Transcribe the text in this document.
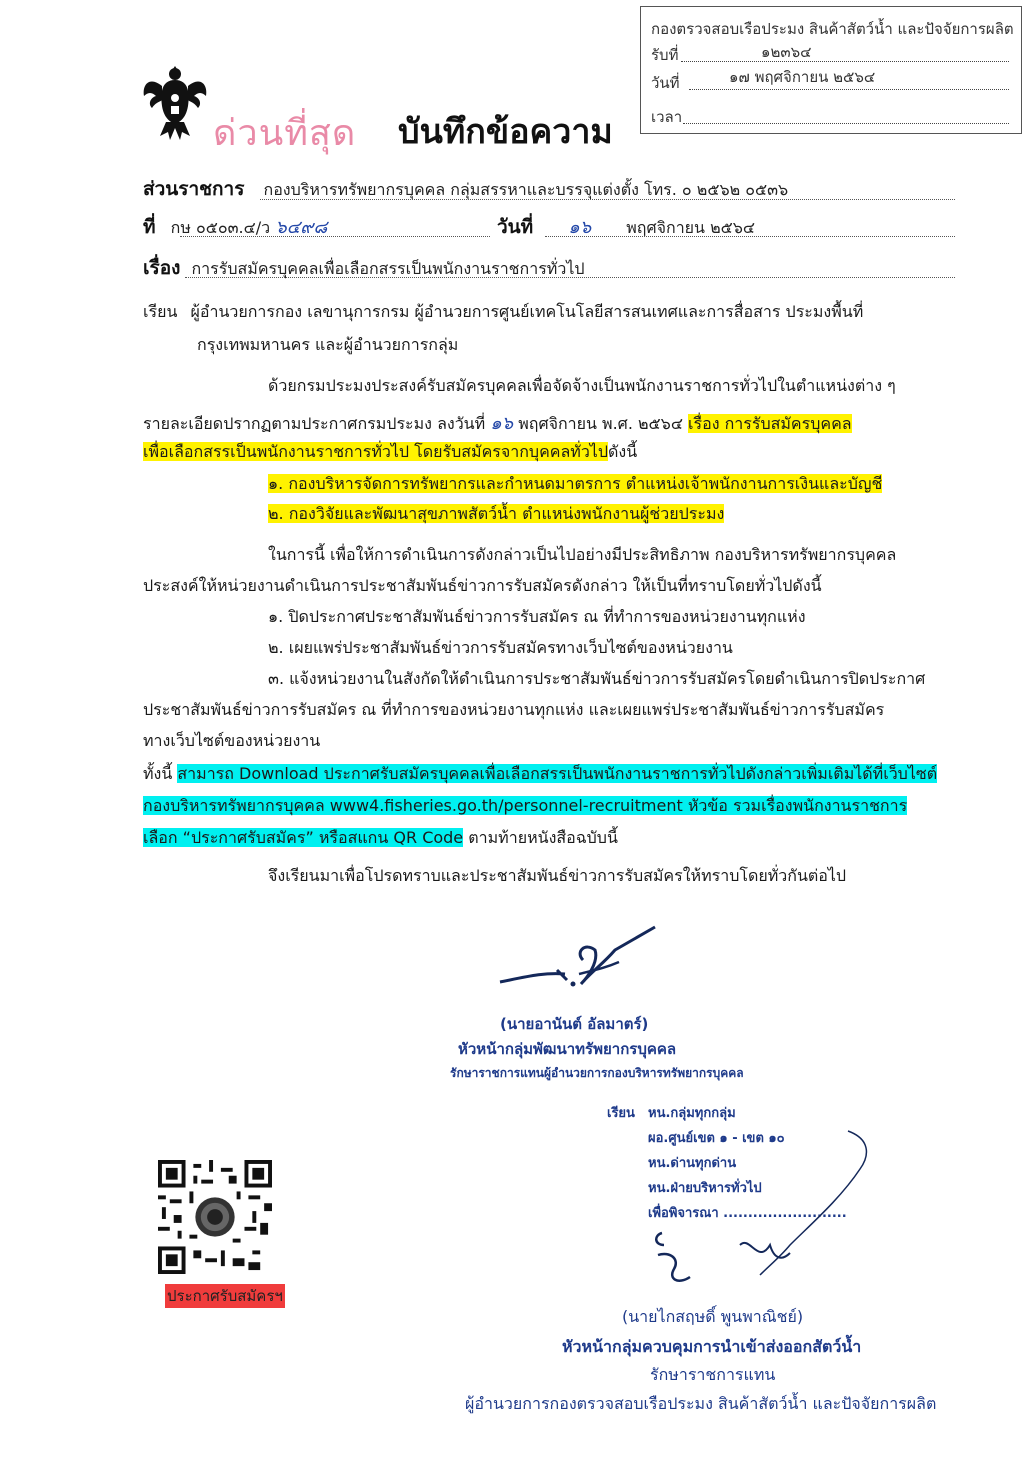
กองตรวจสอบเรือประมง สินค้าสัตว์น้ำ และปัจจัยการผลิต
รับที่	๑๒๓๖๔
วันที่	๑๗ พฤศจิกายน ๒๕๖๔
เวลา
ด่วนที่สุด บันทึกข้อความ
ส่วนราชการ กองบริหารทรัพยากรบุคคล กลุ่มสรรหาและบรรจุแต่งตั้ง โทร. ๐ ๒๕๖๒ ๐๕๓๖
ที่ กษ ๐๕๐๓.๔/ว ๖๔๙๘	วันที่ ๑๖ พฤศจิกายน ๒๕๖๔
เรื่อง การรับสมัครบุคคลเพื่อเลือกสรรเป็นพนักงานราชการทั่วไป
เรียน ผู้อำนวยการกอง เลขานุการกรม ผู้อำนวยการศูนย์เทคโนโลยีสารสนเทศและการสื่อสาร ประมงพื้นที่
กรุงเทพมหานคร และผู้อำนวยการกลุ่ม
ด้วยกรมประมงประสงค์รับสมัครบุคคลเพื่อจัดจ้างเป็นพนักงานราชการทั่วไปในตำแหน่งต่าง ๆ
รายละเอียดปรากฏตามประกาศกรมประมง ลงวันที่ ๑๖ พฤศจิกายน พ.ศ. ๒๕๖๔ เรื่อง การรับสมัครบุคคล
เพื่อเลือกสรรเป็นพนักงานราชการทั่วไป โดยรับสมัครจากบุคคลทั่วไปดังนี้
๑. กองบริหารจัดการทรัพยากรและกำหนดมาตรการ ตำแหน่งเจ้าพนักงานการเงินและบัญชี
๒. กองวิจัยและพัฒนาสุขภาพสัตว์น้ำ ตำแหน่งพนักงานผู้ช่วยประมง
ในการนี้ เพื่อให้การดำเนินการดังกล่าวเป็นไปอย่างมีประสิทธิภาพ กองบริหารทรัพยากรบุคคล
ประสงค์ให้หน่วยงานดำเนินการประชาสัมพันธ์ข่าวการรับสมัครดังกล่าว ให้เป็นที่ทราบโดยทั่วไปดังนี้
๑. ปิดประกาศประชาสัมพันธ์ข่าวการรับสมัคร ณ ที่ทำการของหน่วยงานทุกแห่ง
๒. เผยแพร่ประชาสัมพันธ์ข่าวการรับสมัครทางเว็บไซต์ของหน่วยงาน
๓. แจ้งหน่วยงานในสังกัดให้ดำเนินการประชาสัมพันธ์ข่าวการรับสมัครโดยดำเนินการปิดประกาศ
ประชาสัมพันธ์ข่าวการรับสมัคร ณ ที่ทำการของหน่วยงานทุกแห่ง และเผยแพร่ประชาสัมพันธ์ข่าวการรับสมัคร
ทางเว็บไซต์ของหน่วยงาน
ทั้งนี้ สามารถ Download ประกาศรับสมัครบุคคลเพื่อเลือกสรรเป็นพนักงานราชการทั่วไปดังกล่าวเพิ่มเติมได้ที่เว็บไซต์
กองบริหารทรัพยากรบุคคล www4.fisheries.go.th/personnel-recruitment หัวข้อ รวมเรื่องพนักงานราชการ
เลือก “ประกาศรับสมัคร” หรือสแกน QR Code ตามท้ายหนังสือฉบับนี้
จึงเรียนมาเพื่อโปรดทราบและประชาสัมพันธ์ข่าวการรับสมัครให้ทราบโดยทั่วกันต่อไป
(นายอานันต์ อัลมาตร์)
หัวหน้ากลุ่มพัฒนาทรัพยากรบุคคล
รักษาราชการแทนผู้อำนวยการกองบริหารทรัพยากรบุคคล
เรียน หน.กลุ่มทุกกลุ่ม
ผอ.ศูนย์เขต ๑ - เขต ๑๐
หน.ด่านทุกด่าน
หน.ฝ่ายบริหารทั่วไป
เพื่อพิจารณา .........................
ประกาศรับสมัครฯ
(นายไกสฤษดิ์ พูนพาณิชย์)
หัวหน้ากลุ่มควบคุมการนำเข้าส่งออกสัตว์น้ำ
รักษาราชการแทน
ผู้อำนวยการกองตรวจสอบเรือประมง สินค้าสัตว์น้ำ และปัจจัยการผลิต
